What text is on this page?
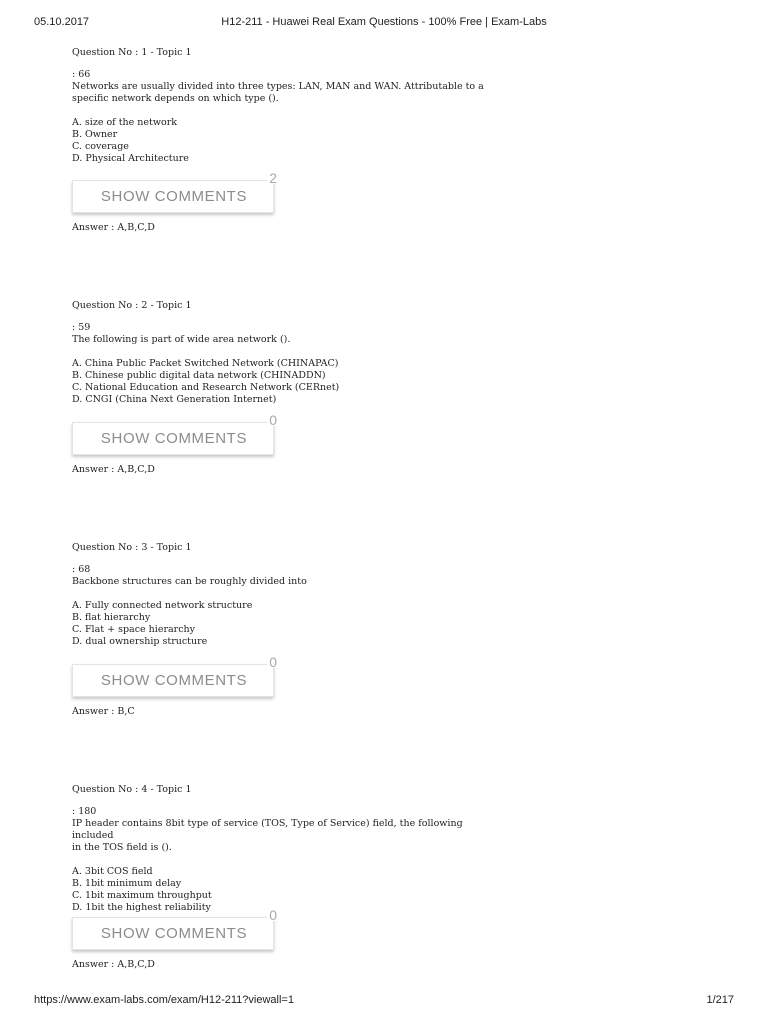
05.10.2017	H12-211 - Huawei Real Exam Questions - 100% Free | Exam-Labs
Question No : 1 - Topic 1
: 66
Networks are usually divided into three types: LAN, MAN and WAN. Attributable to a
specific network depends on which type ().
A. size of the network
B. Owner
C. coverage
D. Physical Architecture
SHOW COMMENTS
2
Answer : A,B,C,D
Question No : 2 - Topic 1
: 59
The following is part of wide area network ().
A. China Public Packet Switched Network (CHINAPAC)
B. Chinese public digital data network (CHINADDN)
C. National Education and Research Network (CERnet)
D. CNGI (China Next Generation Internet)
SHOW COMMENTS
0
Answer : A,B,C,D
Question No : 3 - Topic 1
: 68
Backbone structures can be roughly divided into
A. Fully connected network structure
B. flat hierarchy
C. Flat + space hierarchy
D. dual ownership structure
SHOW COMMENTS
0
Answer : B,C
Question No : 4 - Topic 1
: 180
IP header contains 8bit type of service (TOS, Type of Service) field, the following included
in the TOS field is ().
A. 3bit COS field
B. 1bit minimum delay
C. 1bit maximum throughput
D. 1bit the highest reliability
SHOW COMMENTS
0
Answer : A,B,C,D
https://www.exam-labs.com/exam/H12-211?viewall=1	1/217
